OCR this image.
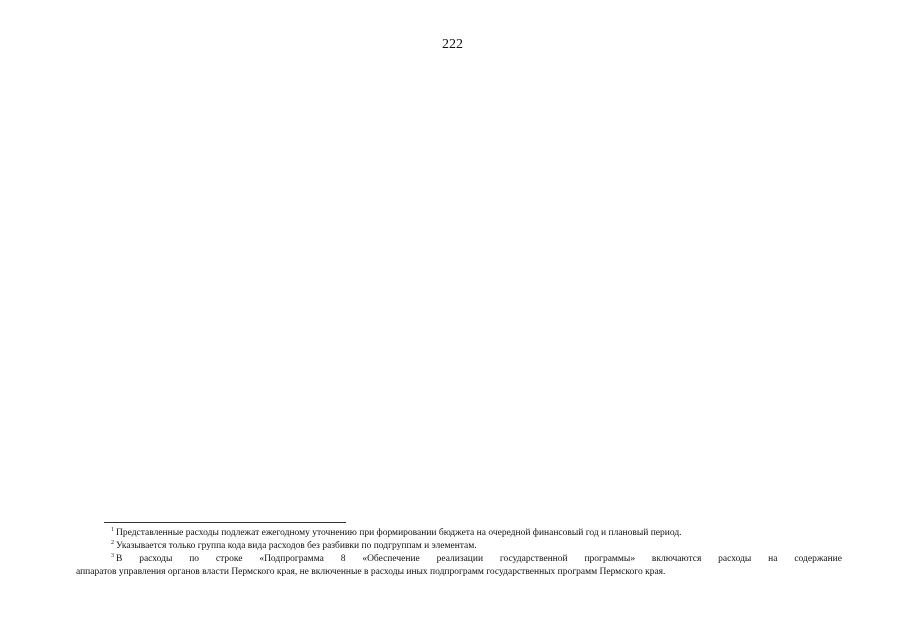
222

$^1$ Представленные расходы подлежат ежегодному уточнению при формировании бюджета на очередной финансовый год и плановый период.

$^2$ Указывается только группа кода вида расходов без разбивки по подгруппам и элементам.

$^3$ В расходы по строке «Подпрограмма 8 «Обеспечение реализации государственной программы» включаются расходы на содержание

аппаратов управления органов власти Пермского края, не включенные в расходы иных подпрограмм государственных программ Пермского края.
